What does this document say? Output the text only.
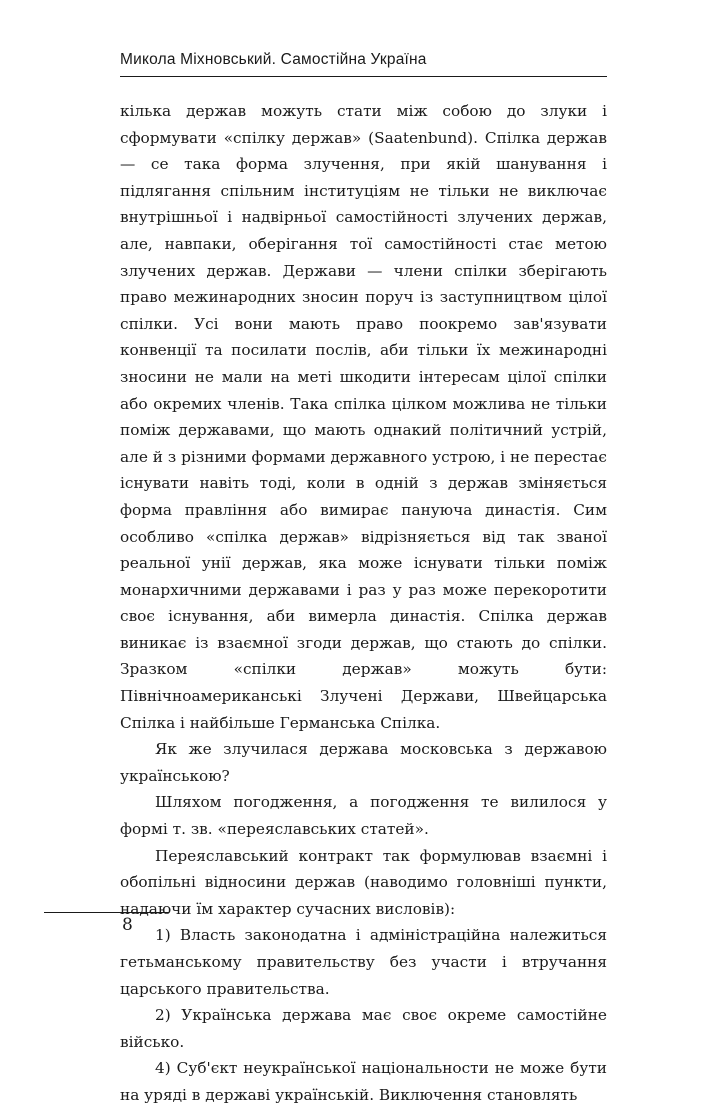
Микола Міхновський. Самостійна Україна

кілька держав можуть стати між собою до злуки і сформувати «спілку держав» (Saatenbund). Спілка держав — се така форма злучення, при якій шанування і підлягання спільним інституціям не тільки не виключає внутрішньої і надвірньої самостійності злучених держав, але, навпаки, оберігання тої самостійності стає метою злучених держав. Держави — члени спілки зберігають право межинародних зносин поруч із заступництвом цілої спілки. Усі вони мають право поокремо зав'язувати конвенції та посилати послів, аби тільки їх межинародні зносини не мали на меті шкодити інтересам цілої спілки або окремих членів. Така спілка цілком можлива не тільки поміж державами, що мають однакий політичний устрій, але й з різними формами державного устрою, і не перестає існувати навіть тоді, коли в одній з держав зміняється форма правління або вимирає пануюча династія. Сим особливо «спілка держав» відрізняється від так званої реальної унії держав, яка може існувати тільки поміж монархичними державами і раз у раз може перекоротити своє існування, аби вимерла династія. Спілка держав виникає із взаємної згоди держав, що стають до спілки. Зразком «спілки держав» можуть бути: Північноамериканські Злучені Держави, Швейцарська Спілка і найбільше Германська Спілка.

Як же злучилася держава московська з державою українською?

Шляхом погодження, а погодження те вилилося у формі т. зв. «переяславських статей».

Переяславський контракт так формулював взаємні і обопільні відносини держав (наводимо головніші пункти, надаючи їм характер сучасних висловів):

1) Власть законодатна і адміністраційна належиться гетьманському правительству без участи і втручання царського правительства.

2) Українська держава має своє окреме самостійне військо.

4) Суб'єкт неукраїнської національности не може бути на уряді в державі українській. Виключення становлять

8
